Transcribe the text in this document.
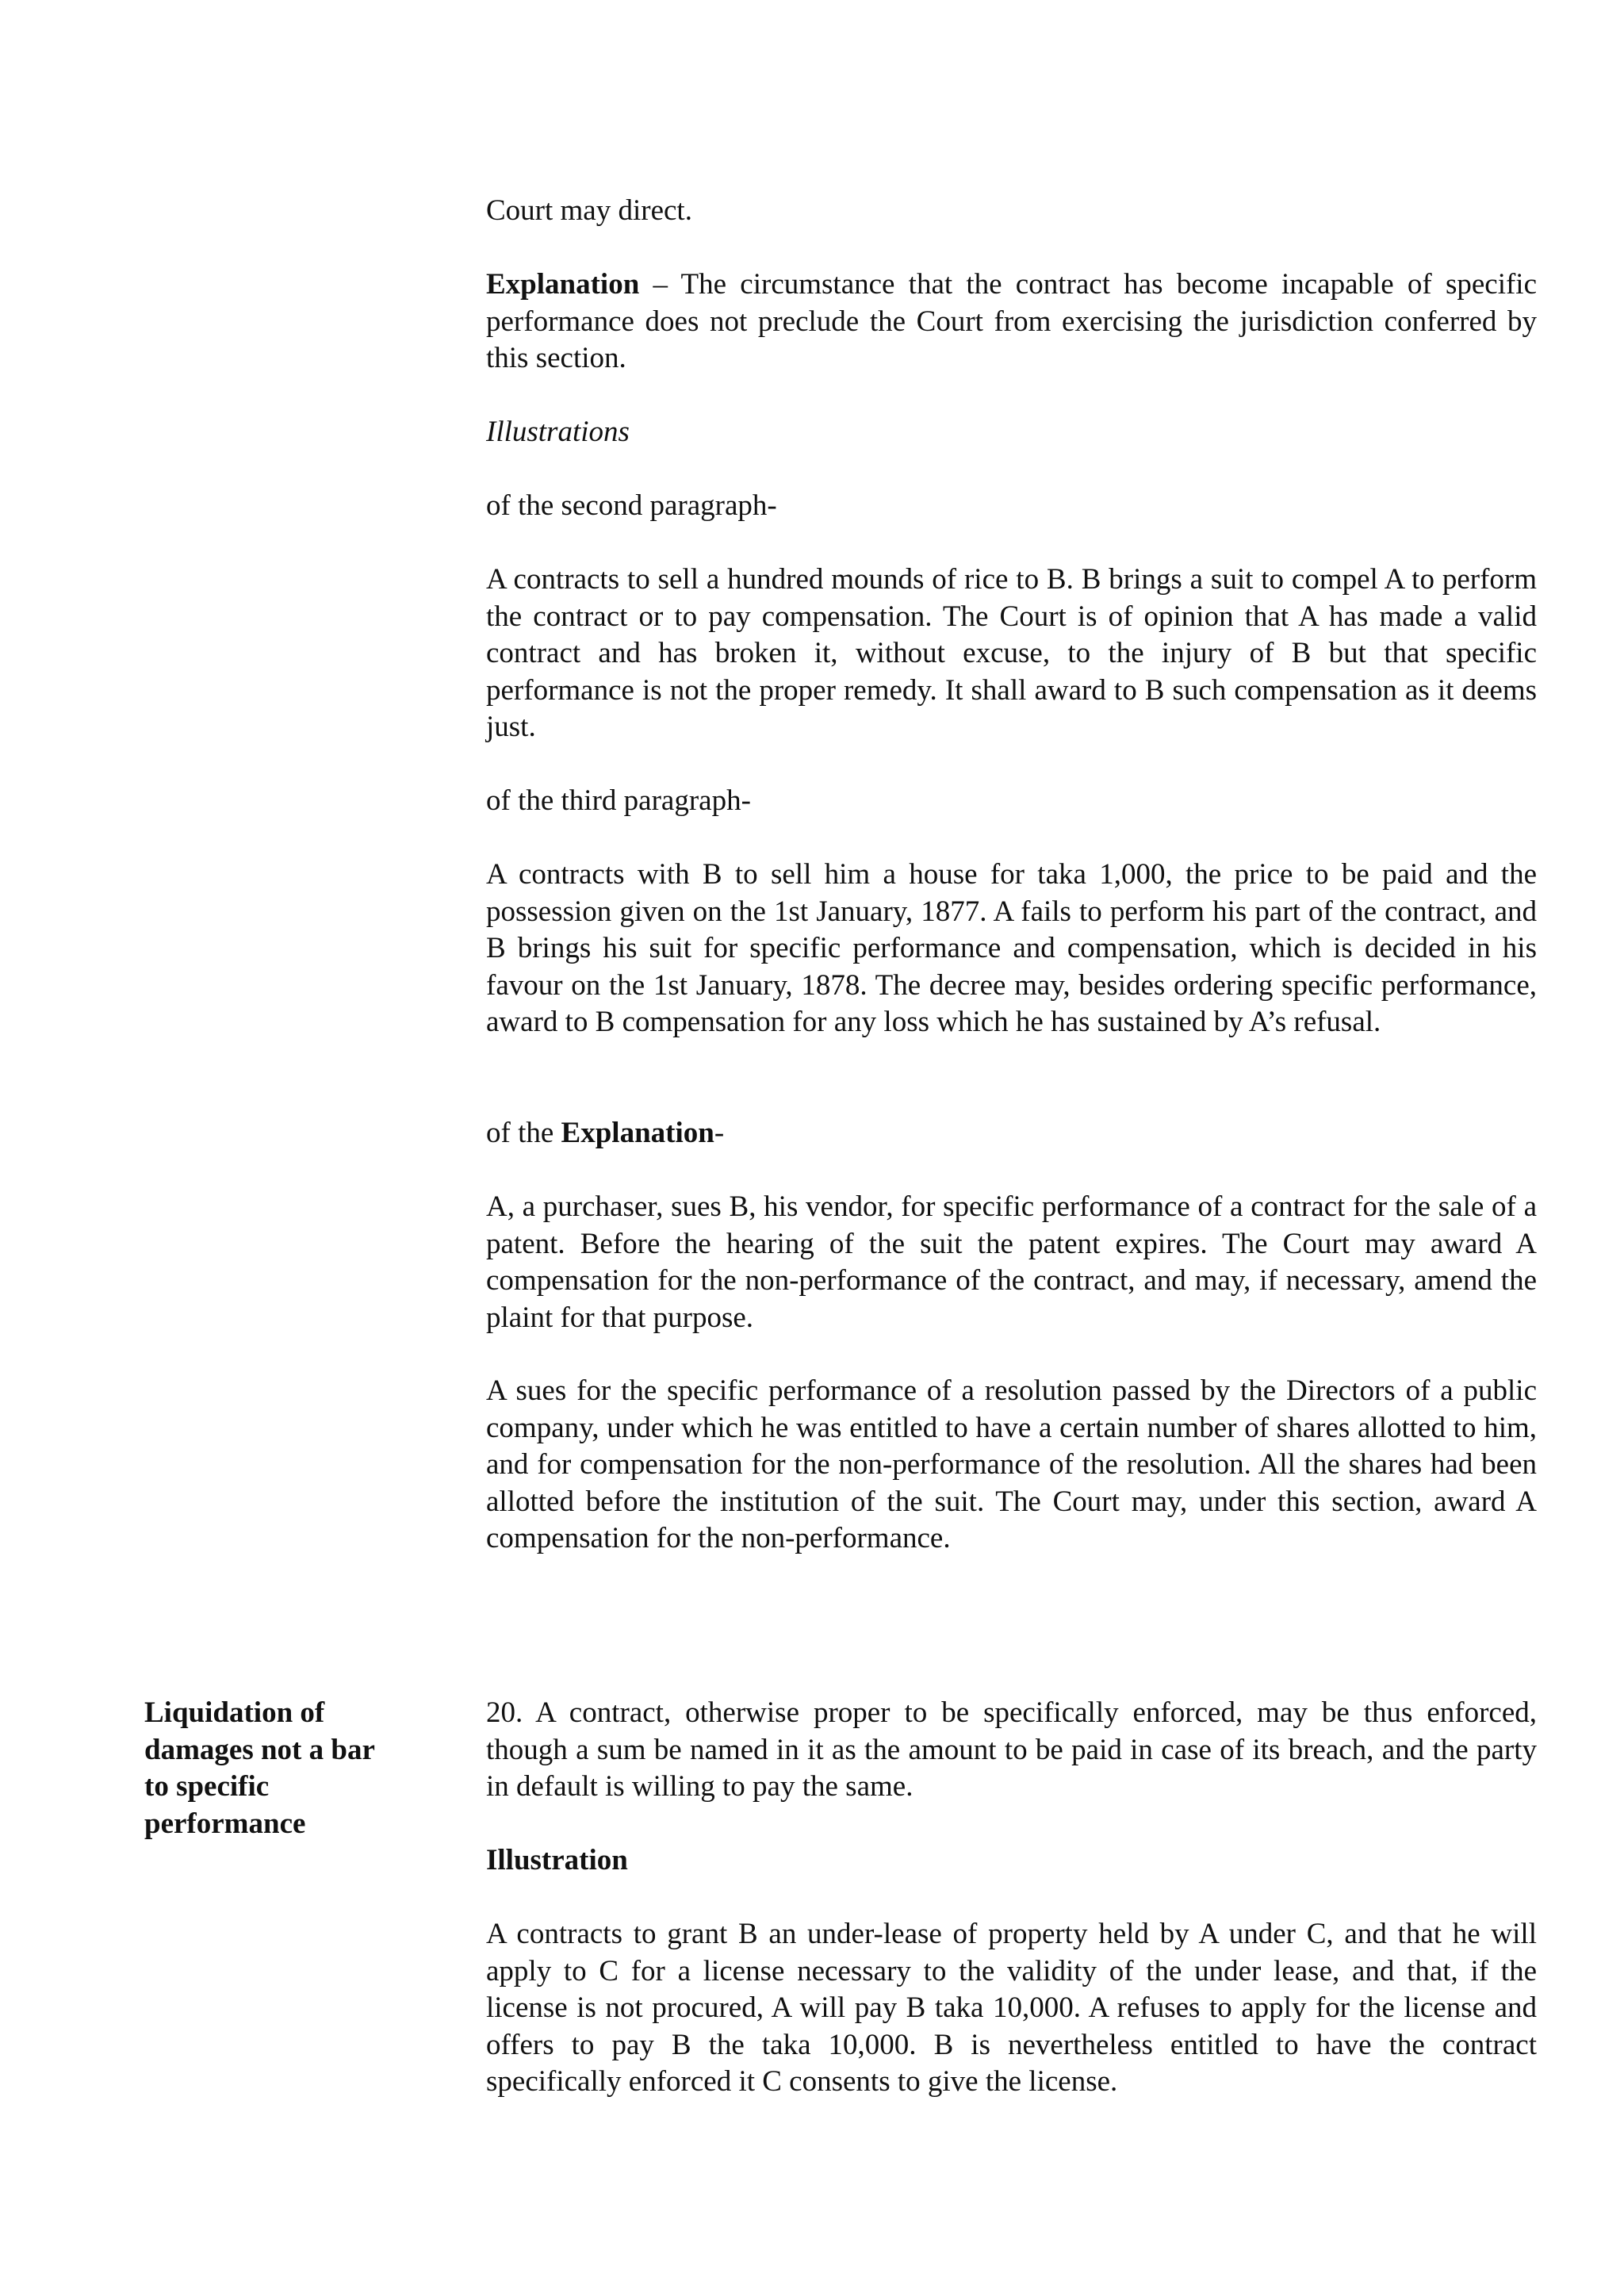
Court may direct.

Explanation – The circumstance that the contract has become incapable of specific performance does not preclude the Court from exercising the jurisdiction conferred by this section.

Illustrations

of the second paragraph-

A contracts to sell a hundred mounds of rice to B. B brings a suit to compel A to perform the contract or to pay compensation. The Court is of opinion that A has made a valid contract and has broken it, without excuse, to the injury of B but that specific performance is not the proper remedy. It shall award to B such compensation as it deems just.

of the third paragraph-

A contracts with B to sell him a house for taka 1,000, the price to be paid and the possession given on the 1st January, 1877. A fails to perform his part of the contract, and B brings his suit for specific performance and compensation, which is decided in his favour on the 1st January, 1878. The decree may, besides ordering specific performance, award to B compensation for any loss which he has sustained by A’s refusal.

of the Explanation-

A, a purchaser, sues B, his vendor, for specific performance of a contract for the sale of a patent. Before the hearing of the suit the patent expires. The Court may award A compensation for the non-performance of the contract, and may, if necessary, amend the plaint for that purpose.

A sues for the specific performance of a resolution passed by the Directors of a public company, under which he was entitled to have a certain number of shares allotted to him, and for compensation for the non-performance of the resolution. All the shares had been allotted before the institution of the suit. The Court may, under this section, award A compensation for the non-performance.

Liquidation of
damages not a bar
to specific
performance

20. A contract, otherwise proper to be specifically enforced, may be thus enforced, though a sum be named in it as the amount to be paid in case of its breach, and the party in default is willing to pay the same.

Illustration

A contracts to grant B an under-lease of property held by A under C, and that he will apply to C for a license necessary to the validity of the under lease, and that, if the license is not procured, A will pay B taka 10,000. A refuses to apply for the license and offers to pay B the taka 10,000. B is nevertheless entitled to have the contract specifically enforced it C consents to give the license.
